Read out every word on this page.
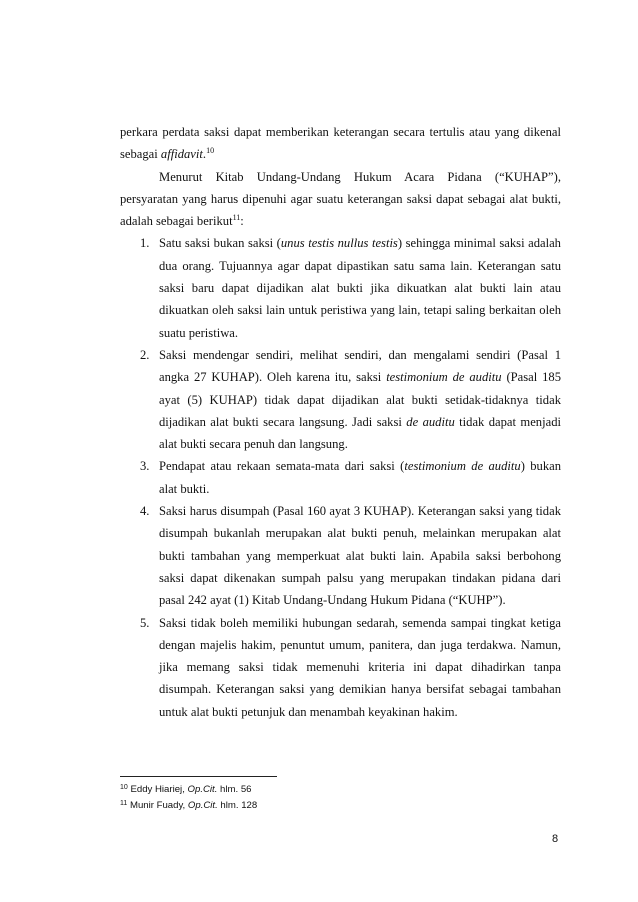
perkara perdata saksi dapat memberikan keterangan secara tertulis atau yang dikenal sebagai affidavit.$^{10}$

Menurut Kitab Undang-Undang Hukum Acara Pidana (“KUHAP”), persyaratan yang harus dipenuhi agar suatu keterangan saksi dapat sebagai alat bukti, adalah sebagai berikut$^{11}$:

1. Satu saksi bukan saksi (unus testis nullus testis) sehingga minimal saksi adalah dua orang. Tujuannya agar dapat dipastikan satu sama lain. Keterangan satu saksi baru dapat dijadikan alat bukti jika dikuatkan alat bukti lain atau dikuatkan oleh saksi lain untuk peristiwa yang lain, tetapi saling berkaitan oleh suatu peristiwa.
2. Saksi mendengar sendiri, melihat sendiri, dan mengalami sendiri (Pasal 1 angka 27 KUHAP). Oleh karena itu, saksi testimonium de auditu (Pasal 185 ayat (5) KUHAP) tidak dapat dijadikan alat bukti setidak-tidaknya tidak dijadikan alat bukti secara langsung. Jadi saksi de auditu tidak dapat menjadi alat bukti secara penuh dan langsung.
3. Pendapat atau rekaan semata-mata dari saksi (testimonium de auditu) bukan alat bukti.
4. Saksi harus disumpah (Pasal 160 ayat 3 KUHAP). Keterangan saksi yang tidak disumpah bukanlah merupakan alat bukti penuh, melainkan merupakan alat bukti tambahan yang memperkuat alat bukti lain. Apabila saksi berbohong saksi dapat dikenakan sumpah palsu yang merupakan tindakan pidana dari pasal 242 ayat (1) Kitab Undang-Undang Hukum Pidana (“KUHP”).
5. Saksi tidak boleh memiliki hubungan sedarah, semenda sampai tingkat ketiga dengan majelis hakim, penuntut umum, panitera, dan juga terdakwa. Namun, jika memang saksi tidak memenuhi kriteria ini dapat dihadirkan tanpa disumpah. Keterangan saksi yang demikian hanya bersifat sebagai tambahan untuk alat bukti petunjuk dan menambah keyakinan hakim.
$^{10}$ Eddy Hiariej, Op.Cit. hlm. 56
$^{11}$ Munir Fuady, Op.Cit. hlm. 128
8
